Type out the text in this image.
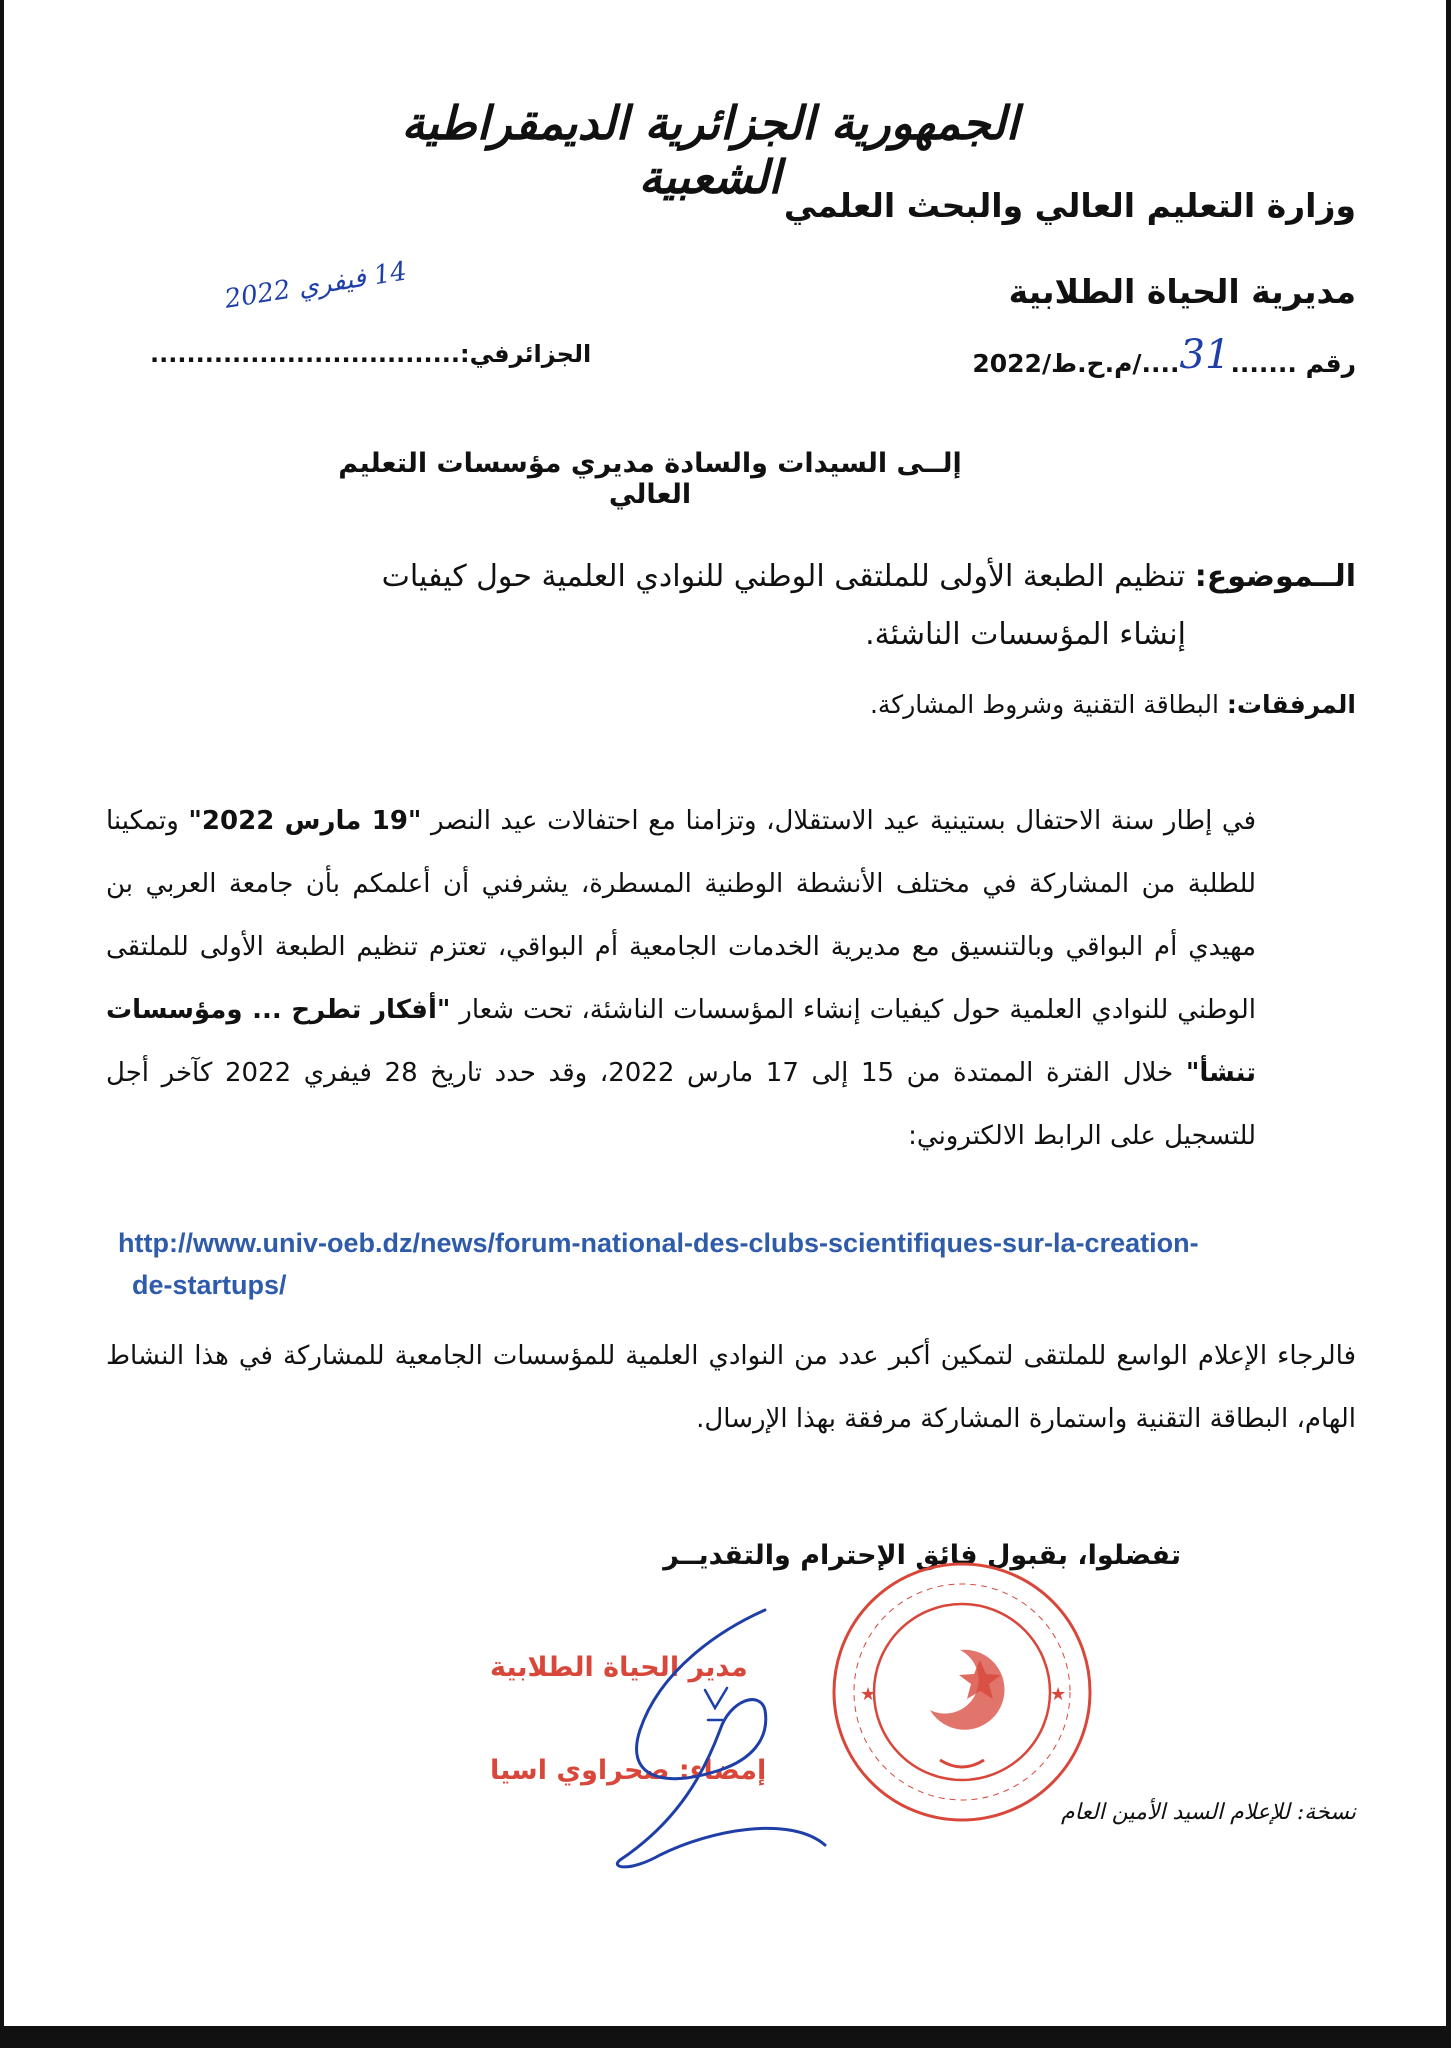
الجمهورية الجزائرية الديمقراطية الشعبية
وزارة التعليم العالي والبحث العلمي
مديرية الحياة الطلابية
رقم .......31..../م.ح.ط/2022
الجزائرفي:..................................
14 فيفري 2022
إلــى السيدات والسادة مديري مؤسسات التعليم العالي
الــموضوع: تنظيم الطبعة الأولى للملتقى الوطني للنوادي العلمية حول كيفيات
إنشاء المؤسسات الناشئة.
المرفقات: البطاقة التقنية وشروط المشاركة.

في إطار سنة الاحتفال بستينية عيد الاستقلال، وتزامنا مع احتفالات عيد النصر "19 مارس 2022" وتمكينا للطلبة من المشاركة في مختلف الأنشطة الوطنية المسطرة، يشرفني أن أعلمكم بأن جامعة العربي بن مهيدي أم البواقي وبالتنسيق مع مديرية الخدمات الجامعية أم البواقي، تعتزم تنظيم الطبعة الأولى للملتقى الوطني للنوادي العلمية حول كيفيات إنشاء المؤسسات الناشئة، تحت شعار "أفكار تطرح ... ومؤسسات تنشأ" خلال الفترة الممتدة من 15 إلى 17 مارس 2022، وقد حدد تاريخ 28 فيفري 2022 كآخر أجل للتسجيل على الرابط الالكتروني:

http://www.univ-oeb.dz/news/forum-national-des-clubs-scientifiques-sur-la-creation-
de-startups/
فالرجاء الإعلام الواسع للملتقى لتمكين أكبر عدد من النوادي العلمية للمؤسسات الجامعية للمشاركة في هذا النشاط الهام، البطاقة التقنية واستمارة المشاركة مرفقة بهذا الإرسال.
تفضلوا، بقبول فائق الإحترام والتقديــر
مدير الحياة الطلابية
إمضاء: صحراوي اسيا
★	★
نسخة: للإعلام السيد الأمين العام
